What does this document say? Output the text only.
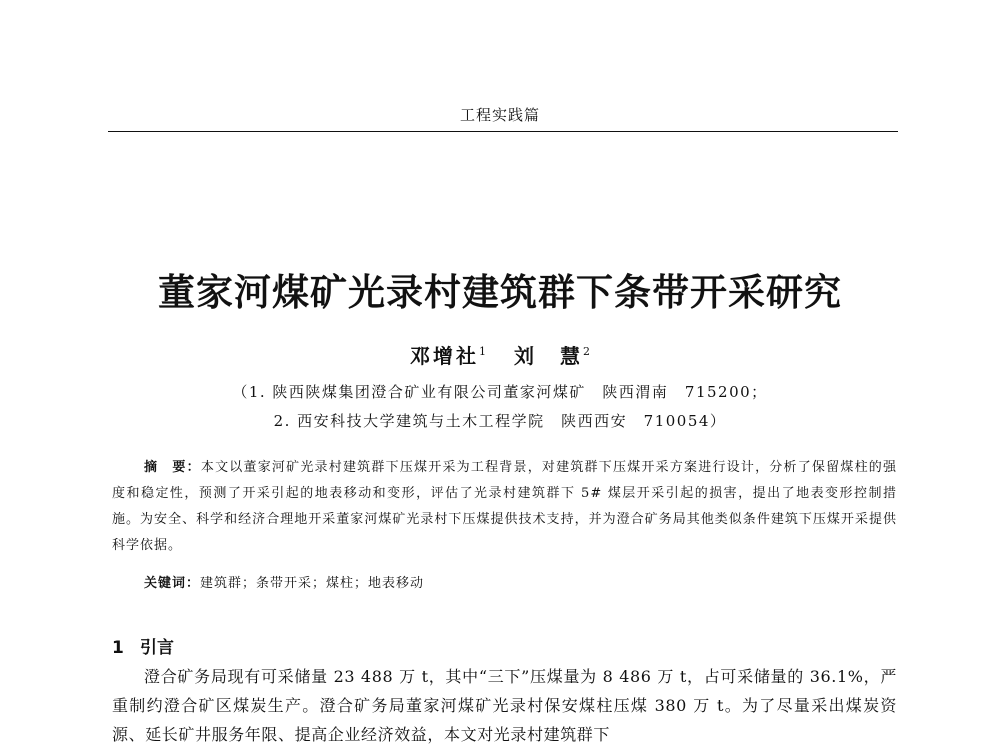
工程实践篇
董家河煤矿光录村建筑群下条带开采研究
邓增社$^1$ 刘　慧$^2$
（1. 陕西陕煤集团澄合矿业有限公司董家河煤矿　陕西渭南　715200；
2. 西安科技大学建筑与土木工程学院　陕西西安　710054）
摘　要：本文以董家河矿光录村建筑群下压煤开采为工程背景，对建筑群下压煤开采方案进行设计，分析了保留煤柱的强度和稳定性，预测了开采引起的地表移动和变形，评估了光录村建筑群下 5# 煤层开采引起的损害，提出了地表变形控制措施。为安全、科学和经济合理地开采董家河煤矿光录村下压煤提供技术支持，并为澄合矿务局其他类似条件建筑下压煤开采提供科学依据。
关键词：建筑群；条带开采；煤柱；地表移动
1 引言
澄合矿务局现有可采储量 23 488 万 t，其中“三下”压煤量为 8 486 万 t，占可采储量的 36.1%，严重制约澄合矿区煤炭生产。澄合矿务局董家河煤矿光录村保安煤柱压煤 380 万 t。为了尽量采出煤炭资源、延长矿井服务年限、提高企业经济效益，本文对光录村建筑群下
